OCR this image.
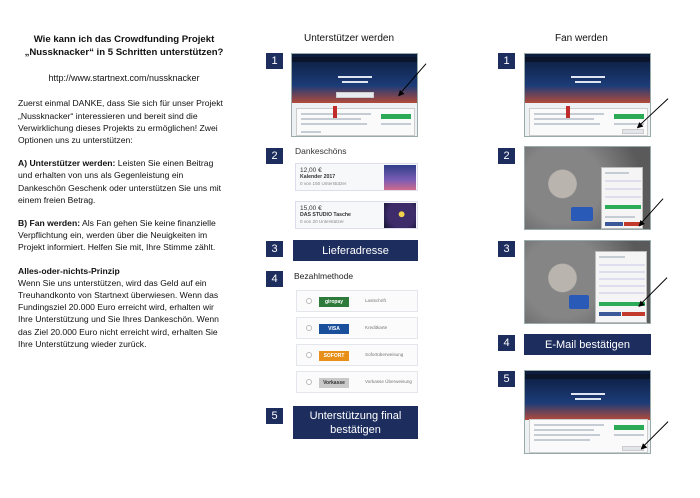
Wie kann ich das Crowdfunding Projekt „Nussknacker“ in 5 Schritten unterstützen?
http://www.startnext.com/nussknacker

Zuerst einmal DANKE, dass Sie sich für unser Projekt „Nussknacker“ interessieren und bereit sind die Verwirklichung dieses Projekts zu ermöglichen! Zwei Optionen uns zu unterstützen:

A) Unterstützer werden: Leisten Sie einen Beitrag und erhalten von uns als Gegenleistung ein Dankeschön Geschenk oder unterstützen Sie uns mit einem freien Betrag.

B) Fan werden: Als Fan gehen Sie keine finanzielle Verpflichtung ein, werden über die Neuigkeiten im Projekt informiert. Helfen Sie mit, Ihre Stimme zählt.

Alles-oder-nichts-Prinzip
Wenn Sie uns unterstützen, wird das Geld auf ein Treuhandkonto von Startnext überwiesen. Wenn das Fundingsziel 20.000 Euro erreicht wird, erhalten wir Ihre Unterstützung und Sie Ihres Dankeschön. Wenn das Ziel 20.000 Euro nicht erreicht wird, erhalten Sie Ihre Unterstützung wieder zurück.

Unterstützer werden	Fan werden
1
2	Dankeschöns
12,00 €
Kalender 2017
0 von 150 Unterstützer
15,00 €
DAS STUDIO Tasche
0 von 20 Unterstützer
3	Lieferadresse
4	Bezahlmethode
giropay	Lastschrift
VISA	Kreditkarte
SOFORT	Sofortüberweisung
Vorkasse	Vorkasse Überweisung
5	Unterstützung final bestätigen
1
2
3
4	E-Mail bestätigen
5
